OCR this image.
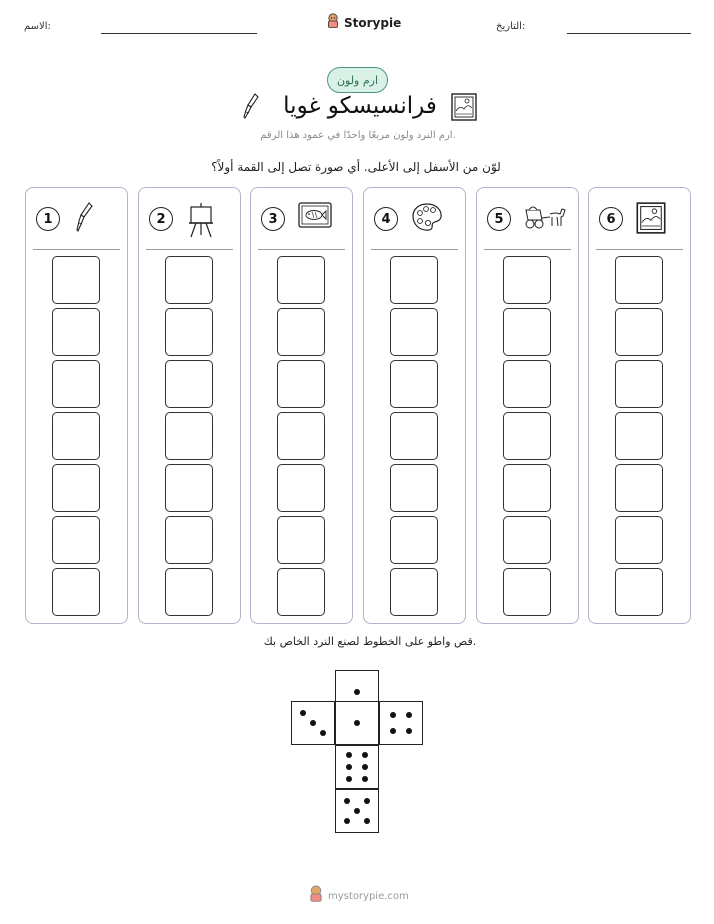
الاسم:	التاريخ:
Storypie
ارم ولون
فرانسيسكو غويا
ارم النرد ولون مربعًا واحدًا في عمود هذا الرقم.
لوّن من الأسفل إلى الأعلى. أي صورة تصل إلى القمة أولاً؟
1	2	3	4	5	6
قص واطو على الخطوط لصنع النرد الخاص بك.
mystorypie.com
